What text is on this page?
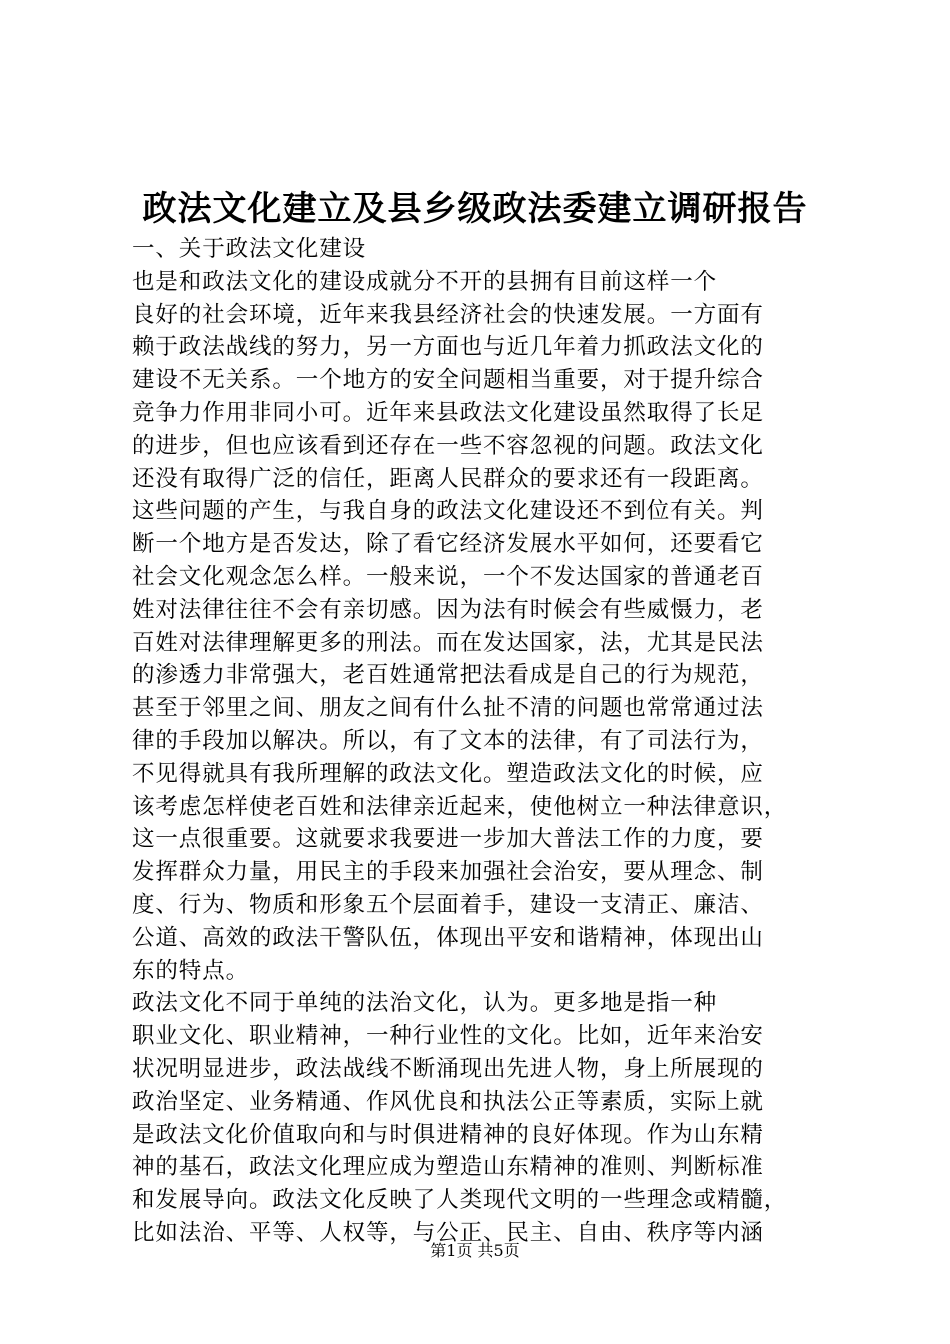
政法文化建立及县乡级政法委建立调研报告
一、关于政法文化建设
也是和政法文化的建设成就分不开的县拥有目前这样一个
良好的社会环境，近年来我县经济社会的快速发展。一方面有
赖于政法战线的努力，另一方面也与近几年着力抓政法文化的
建设不无关系。一个地方的安全问题相当重要，对于提升综合
竞争力作用非同小可。近年来县政法文化建设虽然取得了长足
的进步，但也应该看到还存在一些不容忽视的问题。政法文化
还没有取得广泛的信任，距离人民群众的要求还有一段距离。
这些问题的产生，与我自身的政法文化建设还不到位有关。判
断一个地方是否发达，除了看它经济发展水平如何，还要看它
社会文化观念怎么样。一般来说，一个不发达国家的普通老百
姓对法律往往不会有亲切感。因为法有时候会有些威慑力，老
百姓对法律理解更多的刑法。而在发达国家，法，尤其是民法
的渗透力非常强大，老百姓通常把法看成是自己的行为规范，
甚至于邻里之间、朋友之间有什么扯不清的问题也常常通过法
律的手段加以解决。所以，有了文本的法律，有了司法行为，
不见得就具有我所理解的政法文化。塑造政法文化的时候，应
该考虑怎样使老百姓和法律亲近起来，使他树立一种法律意识，
这一点很重要。这就要求我要进一步加大普法工作的力度，要
发挥群众力量，用民主的手段来加强社会治安，要从理念、制
度、行为、物质和形象五个层面着手，建设一支清正、廉洁、
公道、高效的政法干警队伍，体现出平安和谐精神，体现出山
东的特点。
政法文化不同于单纯的法治文化，认为。更多地是指一种
职业文化、职业精神，一种行业性的文化。比如，近年来治安
状况明显进步，政法战线不断涌现出先进人物，身上所展现的
政治坚定、业务精通、作风优良和执法公正等素质，实际上就
是政法文化价值取向和与时俱进精神的良好体现。作为山东精
神的基石，政法文化理应成为塑造山东精神的准则、判断标准
和发展导向。政法文化反映了人类现代文明的一些理念或精髓，
比如法治、平等、人权等，与公正、民主、自由、秩序等内涵
第1页 共5页
